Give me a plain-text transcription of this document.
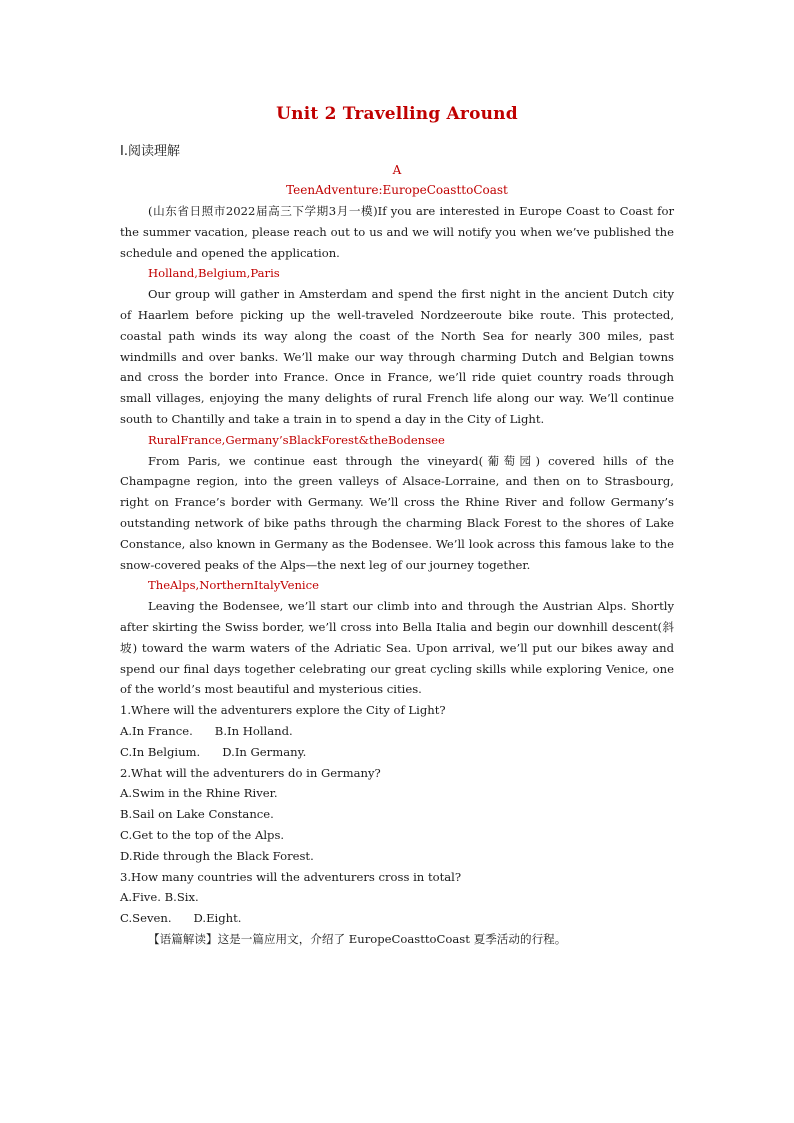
Unit 2 Travelling Around
Ⅰ.阅读理解
A
TeenAdventure:EuropeCoasttoCoast

(山东省日照市2022届高三下学期3月一模)If you are interested in Europe Coast to Coast for the summer vacation, please reach out to us and we will notify you when we’ve published the schedule and opened the application.

Holland,Belgium,Paris

Our group will gather in Amsterdam and spend the first night in the ancient Dutch city of Haarlem before picking up the well-traveled Nordzeeroute bike route. This protected, coastal path winds its way along the coast of the North Sea for nearly 300 miles, past windmills and over banks. We’ll make our way through charming Dutch and Belgian towns and cross the border into France. Once in France, we’ll ride quiet country roads through small villages, enjoying the many delights of rural French life along our way. We’ll continue south to Chantilly and take a train in to spend a day in the City of Light.

RuralFrance,Germany’sBlackForest&theBodensee

From Paris, we continue east through the vineyard(葡萄园) covered hills of the Champagne region, into the green valleys of Alsace-Lorraine, and then on to Strasbourg, right on France’s border with Germany. We’ll cross the Rhine River and follow Germany’s outstanding network of bike paths through the charming Black Forest to the shores of Lake Constance, also known in Germany as the Bodensee. We’ll look across this famous lake to the snow-covered peaks of the Alps—the next leg of our journey together.

TheAlps,NorthernItalyVenice

Leaving the Bodensee, we’ll start our climb into and through the Austrian Alps. Shortly after skirting the Swiss border, we’ll cross into Bella Italia and begin our downhill descent(斜坡) toward the warm waters of the Adriatic Sea. Upon arrival, we’ll put our bikes away and spend our final days together celebrating our great cycling skills while exploring Venice, one of the world’s most beautiful and mysterious cities.

1.Where will the adventurers explore the City of Light?

A.In France. B.In Holland.

C.In Belgium. D.In Germany.

2.What will the adventurers do in Germany?

A.Swim in the Rhine River.

B.Sail on Lake Constance.

C.Get to the top of the Alps.

D.Ride through the Black Forest.

3.How many countries will the adventurers cross in total?

A.Five. B.Six.

C.Seven. D.Eight.

【语篇解读】这是一篇应用文，介绍了 EuropeCoasttoCoast 夏季活动的行程。
